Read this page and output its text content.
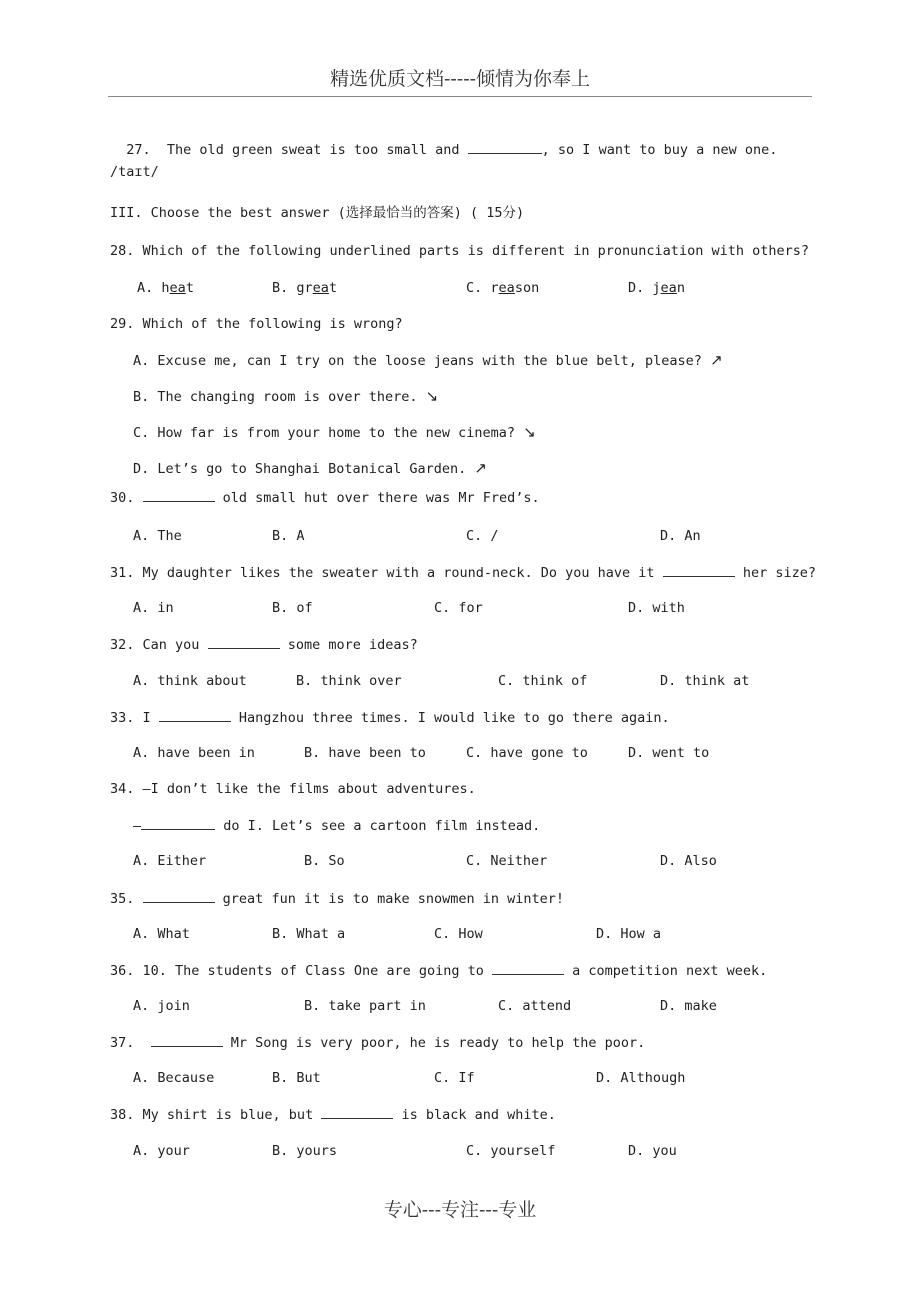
精选优质文档-----倾情为你奉上

27. The old green sweat is too small and	, so I want to buy a new one.

/taɪt/
III. Choose the best answer (选择最恰当的答案) ( 15分)
28. Which of the following underlined parts is different in pronunciation with others?
A. heat	B. great	C. reason	D. jean
29. Which of the following is wrong?
A. Excuse me, can I try on the loose jeans with the blue belt, please? ↗
B. The changing room is over there. ↘
C. How far is from your home to the new cinema? ↘
D. Let’s go to Shanghai Botanical Garden. ↗
30.	old small hut over there was Mr Fred’s.
A. The	B. A	C. /	D. An
31. My daughter likes the sweater with a round-neck. Do you have it	her size?
A. in	B. of	C. for	D. with
32. Can you	some more ideas?
A. think about	B. think over	C. think of	D. think at
33. I	Hangzhou three times. I would like to go there again.
A. have been in	B. have been to	C. have gone to	D. went to
34. —I don’t like the films about adventures.
—	do I. Let’s see a cartoon film instead.
A. Either	B. So	C. Neither	D. Also
35.	great fun it is to make snowmen in winter!
A. What	B. What a	C. How	D. How a
36. 10. The students of Class One are going to	a competition next week.
A. join	B. take part in	C. attend	D. make
37.	Mr Song is very poor, he is ready to help the poor.
A. Because	B. But	C. If	D. Although
38. My shirt is blue, but	is black and white.
A. your	B. yours	C. yourself	D. you
专心---专注---专业
